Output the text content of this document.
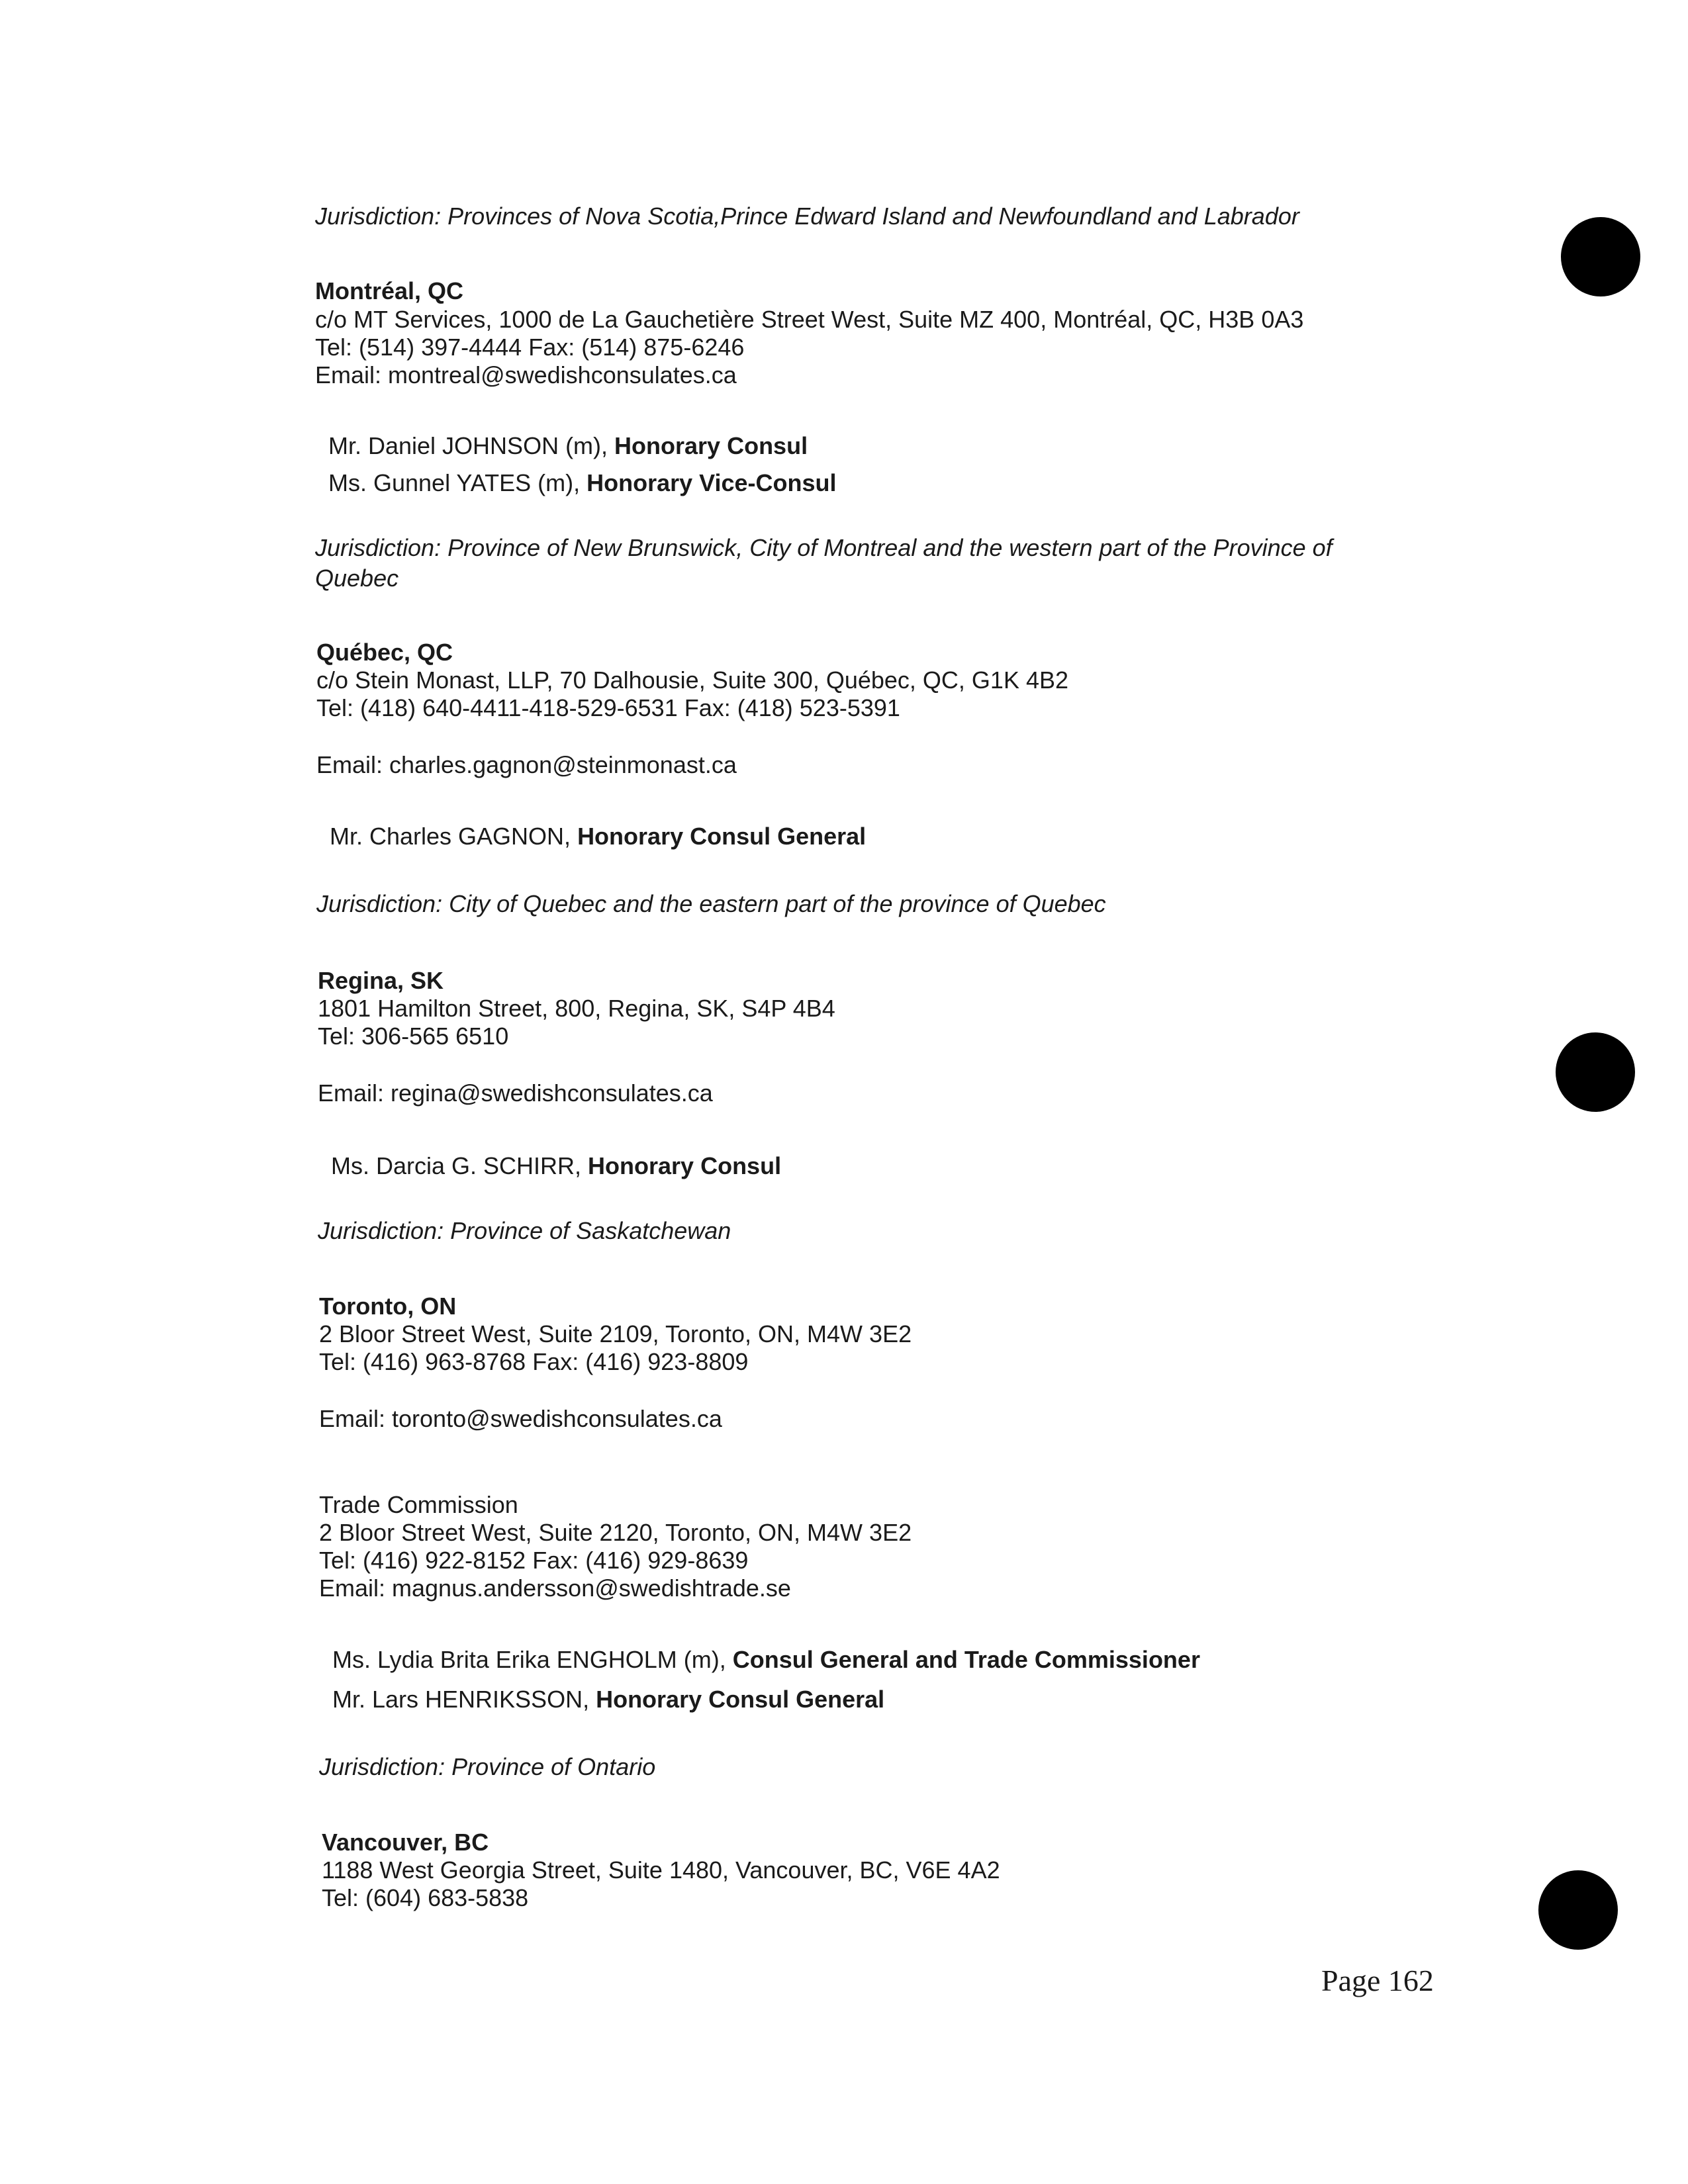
Jurisdiction: Provinces of Nova Scotia,Prince Edward Island and Newfoundland and Labrador

Montréal, QC

c/o MT Services, 1000 de La Gauchetière Street West, Suite MZ 400, Montréal, QC, H3B 0A3

Tel: (514) 397-4444 Fax: (514) 875-6246

Email: montreal@swedishconsulates.ca

Mr. Daniel JOHNSON (m), Honorary Consul

Ms. Gunnel YATES (m), Honorary Vice-Consul

Jurisdiction: Province of New Brunswick, City of Montreal and the western part of the Province of

Quebec

Québec, QC

c/o Stein Monast, LLP, 70 Dalhousie, Suite 300, Québec, QC, G1K 4B2

Tel: (418) 640-4411-418-529-6531 Fax: (418) 523-5391

Email: charles.gagnon@steinmonast.ca

Mr. Charles GAGNON, Honorary Consul General

Jurisdiction: City of Quebec and the eastern part of the province of Quebec

Regina, SK

1801 Hamilton Street, 800, Regina, SK, S4P 4B4

Tel: 306-565 6510

Email: regina@swedishconsulates.ca

Ms. Darcia G. SCHIRR, Honorary Consul

Jurisdiction: Province of Saskatchewan

Toronto, ON

2 Bloor Street West, Suite 2109, Toronto, ON, M4W 3E2

Tel: (416) 963-8768 Fax: (416) 923-8809

Email: toronto@swedishconsulates.ca

Trade Commission

2 Bloor Street West, Suite 2120, Toronto, ON, M4W 3E2

Tel: (416) 922-8152 Fax: (416) 929-8639

Email: magnus.andersson@swedishtrade.se

Ms. Lydia Brita Erika ENGHOLM (m), Consul General and Trade Commissioner

Mr. Lars HENRIKSSON, Honorary Consul General

Jurisdiction: Province of Ontario

Vancouver, BC

1188 West Georgia Street, Suite 1480, Vancouver, BC, V6E 4A2

Tel: (604) 683-5838

Page 162
